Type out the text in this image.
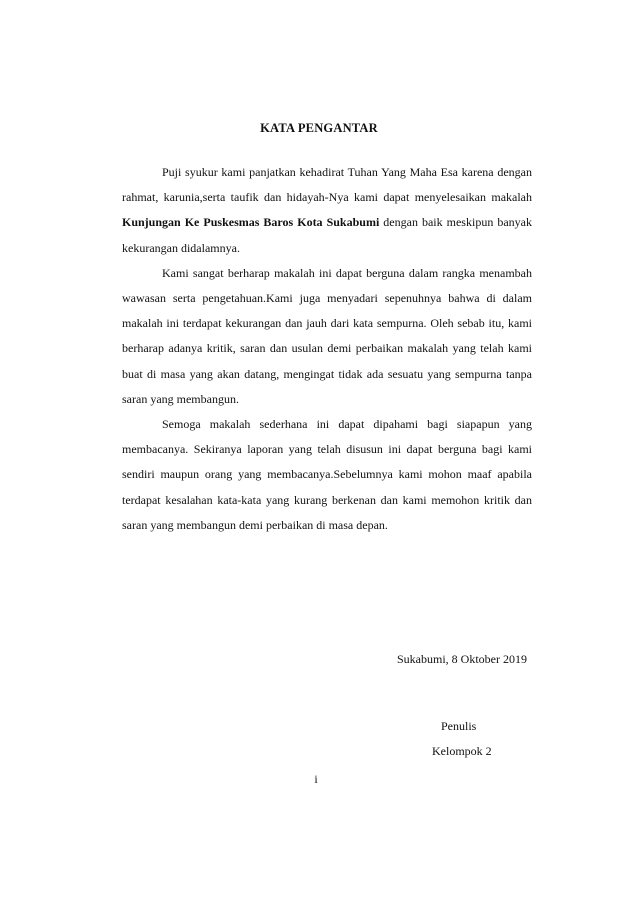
KATA PENGANTAR

Puji syukur kami panjatkan kehadirat Tuhan Yang Maha Esa karena dengan rahmat, karunia,serta taufik dan hidayah-Nya kami dapat menyelesaikan makalah Kunjungan Ke Puskesmas Baros Kota Sukabumi dengan baik meskipun banyak kekurangan didalamnya.

Kami sangat berharap makalah ini dapat berguna dalam rangka menambah wawasan serta pengetahuan.Kami juga menyadari sepenuhnya bahwa di dalam makalah ini terdapat kekurangan dan jauh dari kata sempurna. Oleh sebab itu, kami berharap adanya kritik, saran dan usulan demi perbaikan makalah yang telah kami buat di masa yang akan datang, mengingat tidak ada sesuatu yang sempurna tanpa saran yang membangun.

Semoga makalah sederhana ini dapat dipahami bagi siapapun yang membacanya. Sekiranya laporan yang telah disusun ini dapat berguna bagi kami sendiri maupun orang yang membacanya.Sebelumnya kami mohon maaf apabila terdapat kesalahan kata-kata yang kurang berkenan dan kami memohon kritik dan saran yang membangun demi perbaikan di masa depan.

Sukabumi, 8 Oktober 2019
Penulis
Kelompok 2
i
